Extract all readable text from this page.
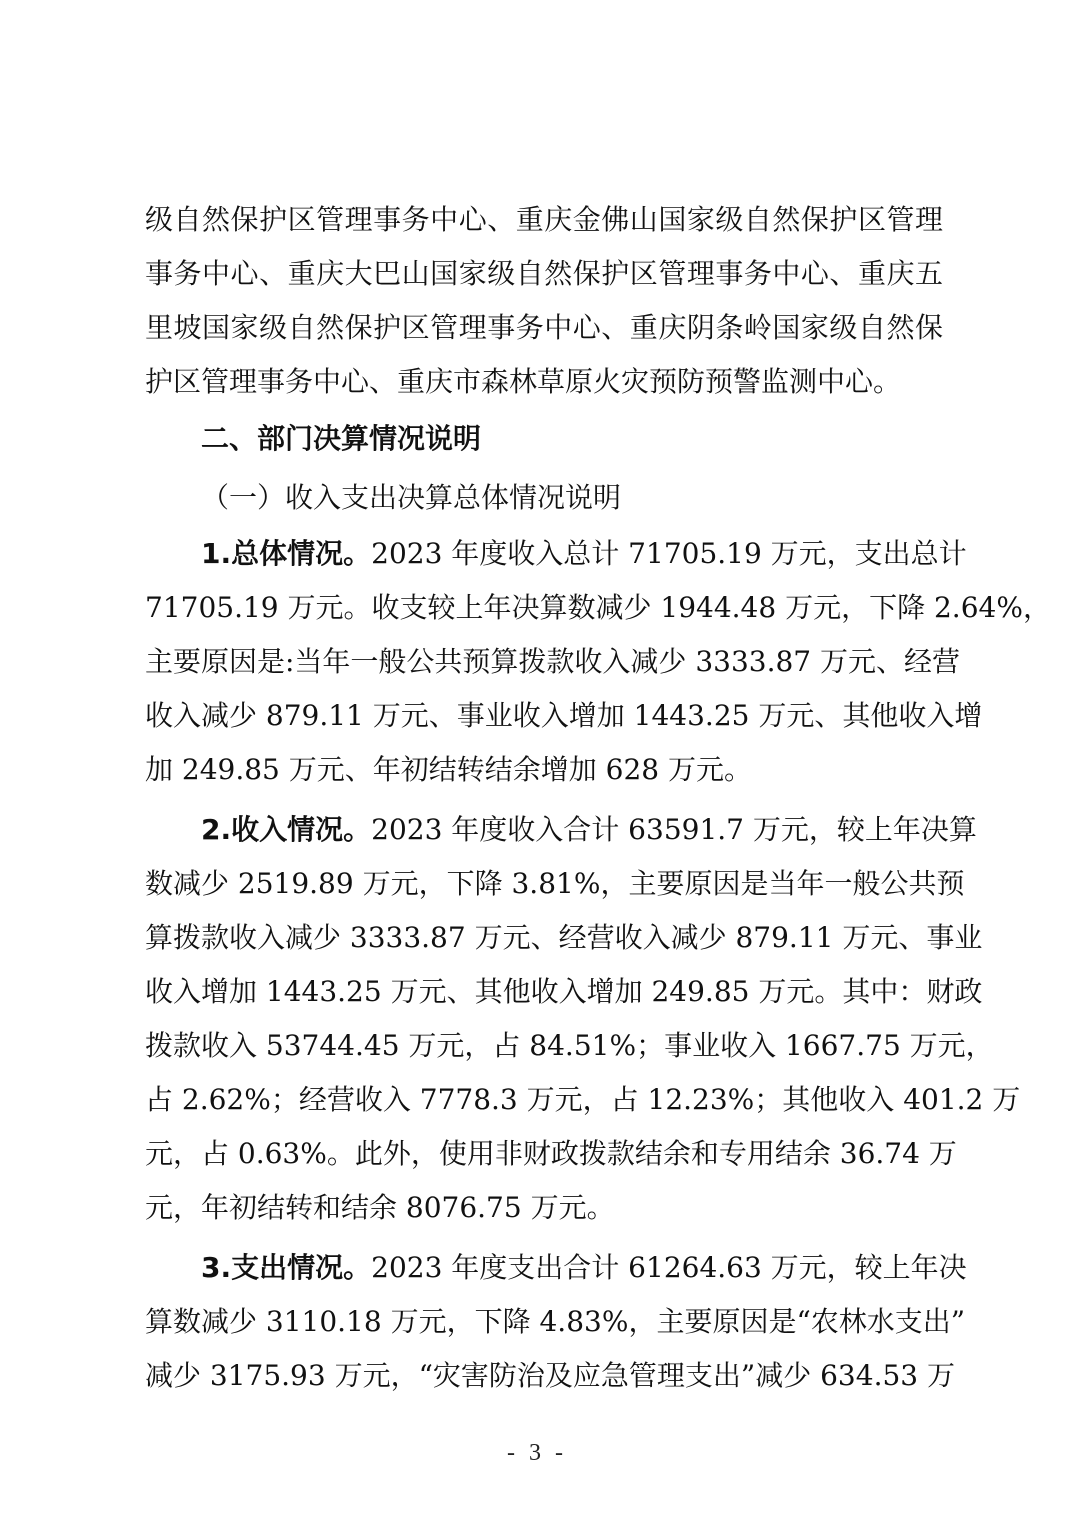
级自然保护区管理事务中心、重庆金佛山国家级自然保护区管理
事务中心、重庆大巴山国家级自然保护区管理事务中心、重庆五
里坡国家级自然保护区管理事务中心、重庆阴条岭国家级自然保
护区管理事务中心、重庆市森林草原火灾预防预警监测中心。
二、部门决算情况说明
（一）收入支出决算总体情况说明
1.总体情况。2023 年度收入总计 71705.19 万元，支出总计
71705.19 万元。收支较上年决算数减少 1944.48 万元，下降 2.64%，
主要原因是:当年一般公共预算拨款收入减少 3333.87 万元、经营
收入减少 879.11 万元、事业收入增加 1443.25 万元、其他收入增
加 249.85 万元、年初结转结余增加 628 万元。
2.收入情况。2023 年度收入合计 63591.7 万元，较上年决算
数减少 2519.89 万元，下降 3.81%，主要原因是当年一般公共预
算拨款收入减少 3333.87 万元、经营收入减少 879.11 万元、事业
收入增加 1443.25 万元、其他收入增加 249.85 万元。其中：财政
拨款收入 53744.45 万元，占 84.51%；事业收入 1667.75 万元，
占 2.62%；经营收入 7778.3 万元，占 12.23%；其他收入 401.2 万
元，占 0.63%。此外，使用非财政拨款结余和专用结余 36.74 万
元，年初结转和结余 8076.75 万元。
3.支出情况。2023 年度支出合计 61264.63 万元，较上年决
算数减少 3110.18 万元，下降 4.83%，主要原因是“农林水支出”
减少 3175.93 万元，“灾害防治及应急管理支出”减少 634.53 万
- 3 -
